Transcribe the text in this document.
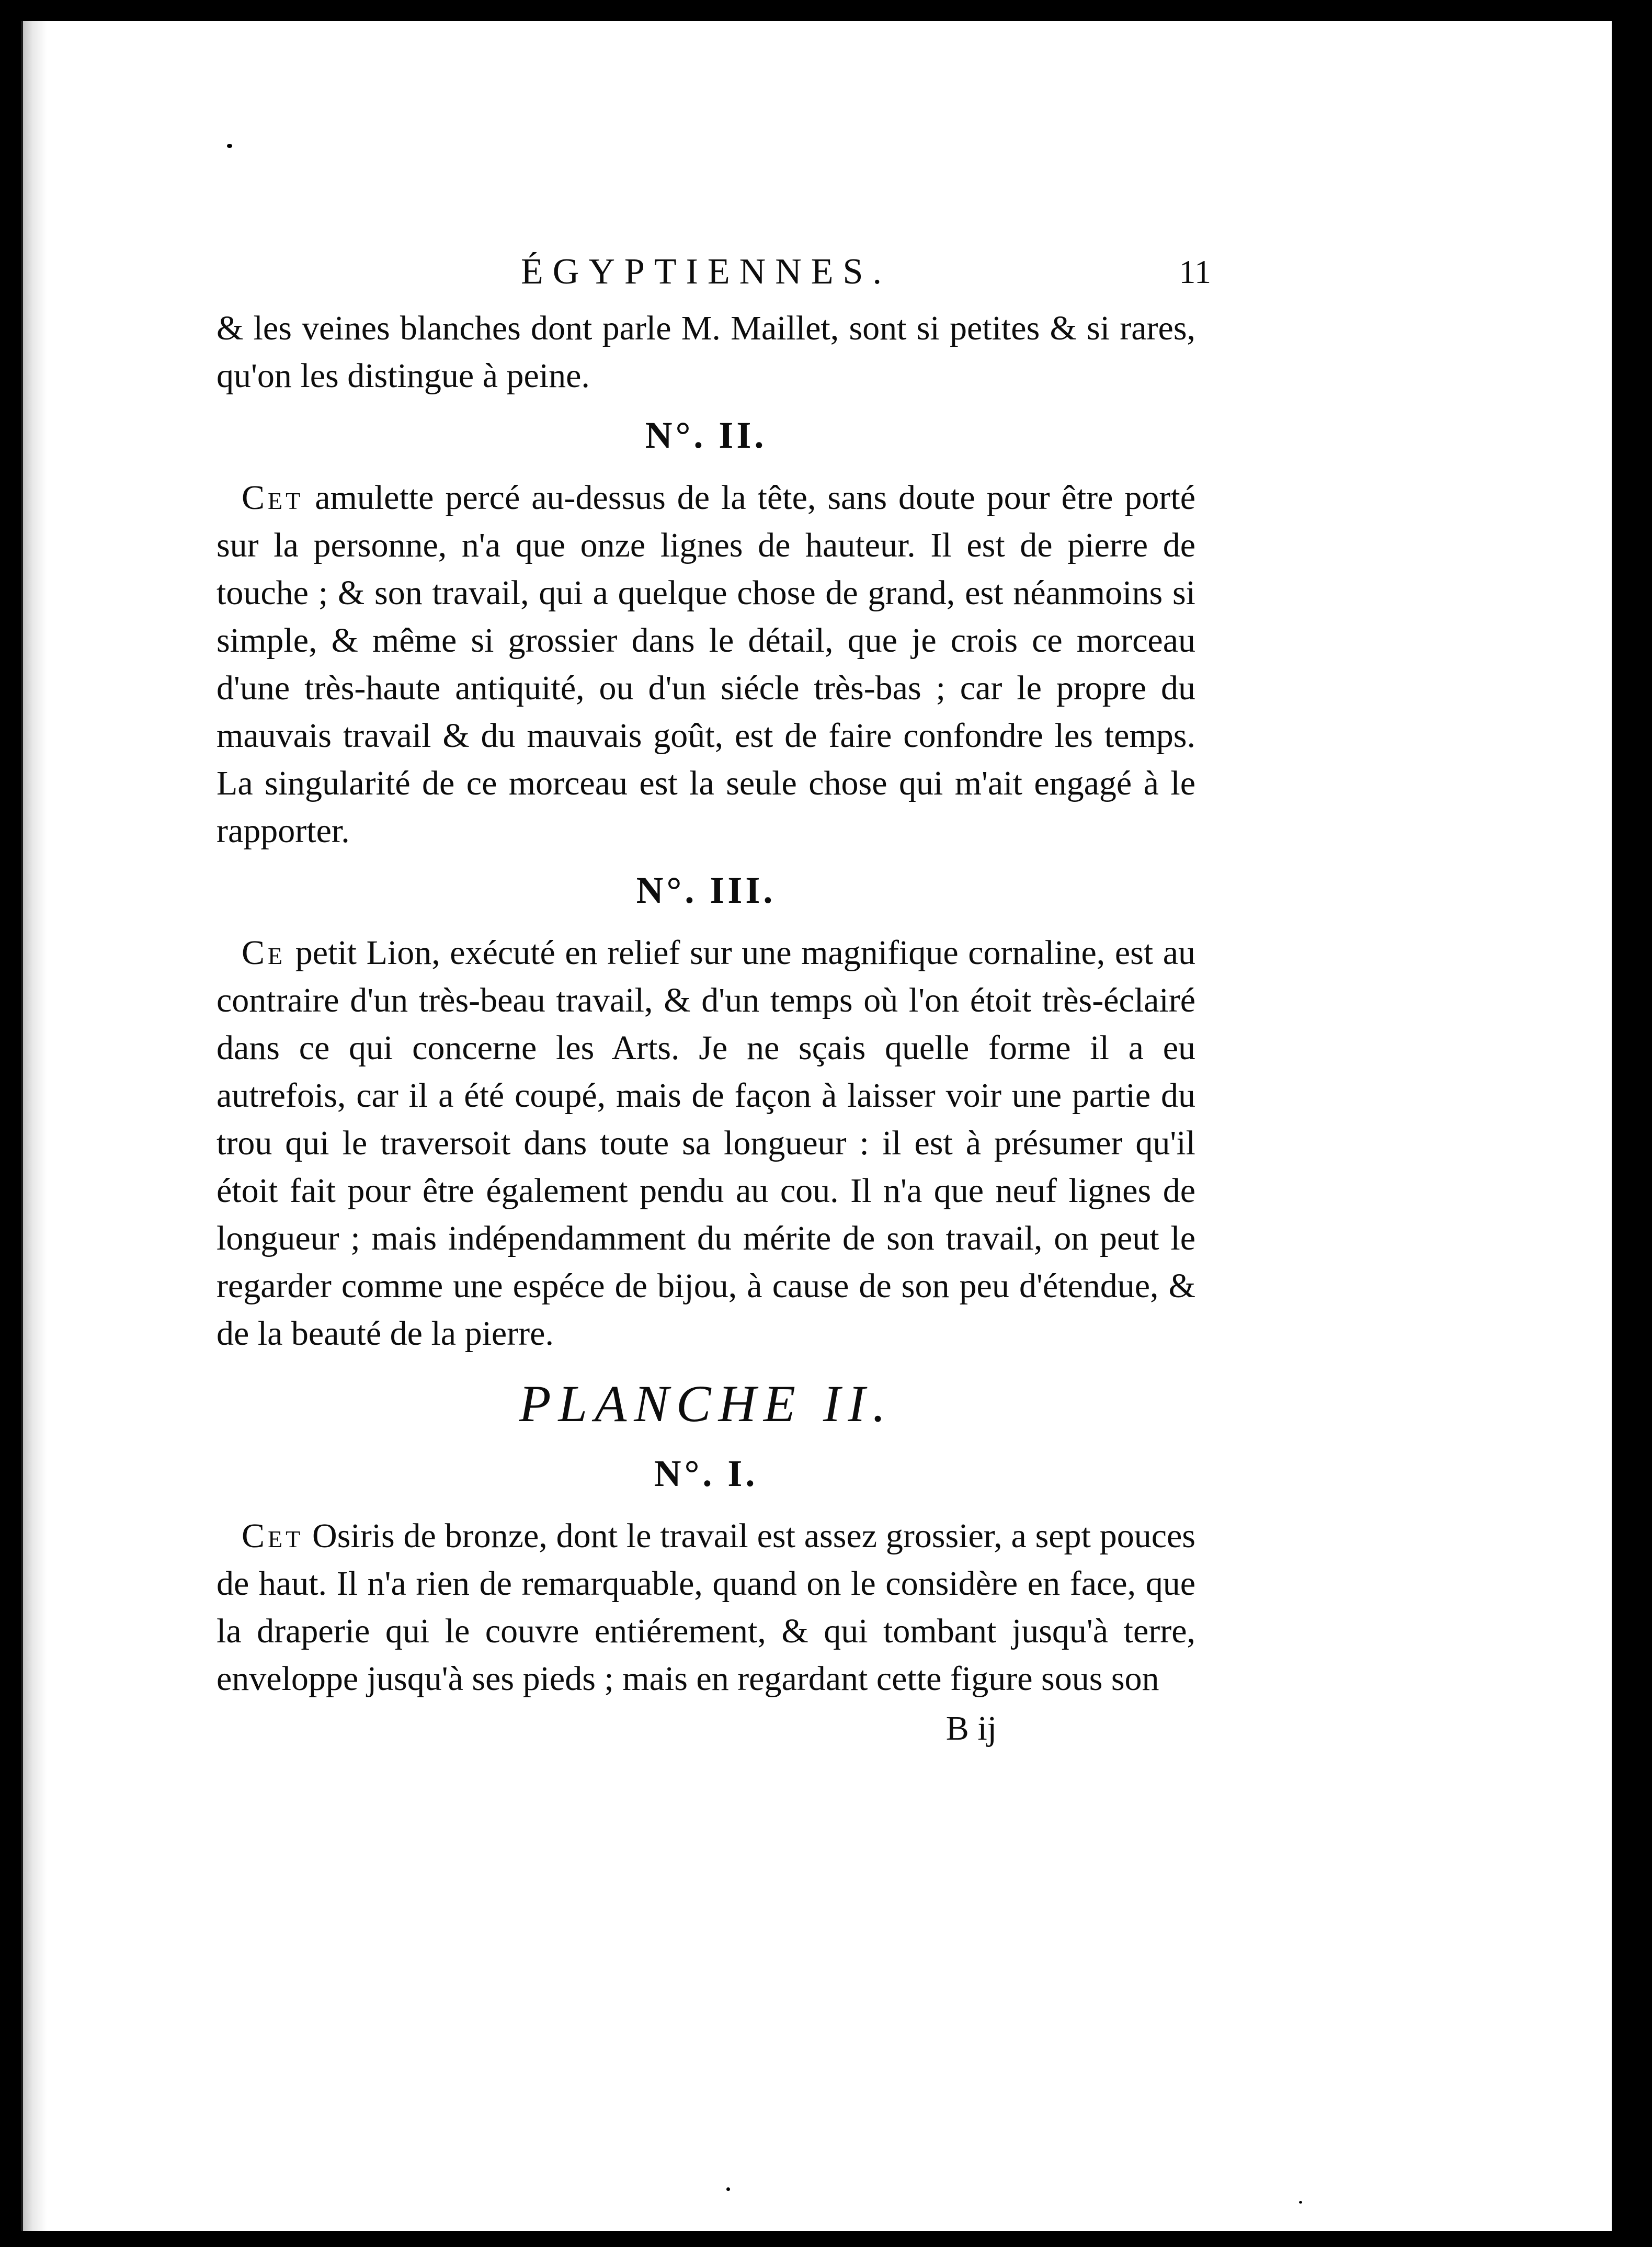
ÉGYPTIENNES.	11

& les veines blanches dont parle M. Maillet, sont si petites & si rares, qu'on les distingue à peine.

N°. II.

Cet amulette percé au-dessus de la tête, sans doute pour être porté sur la personne, n'a que onze lignes de hauteur. Il est de pierre de touche ; & son travail, qui a quelque chose de grand, est néanmoins si simple, & même si grossier dans le détail, que je crois ce morceau d'une très-haute antiquité, ou d'un siécle très-bas ; car le propre du mauvais travail & du mauvais goût, est de faire confondre les temps. La singularité de ce morceau est la seule chose qui m'ait engagé à le rapporter.

N°. III.

Ce petit Lion, exécuté en relief sur une magnifique cornaline, est au contraire d'un très-beau travail, & d'un temps où l'on étoit très-éclairé dans ce qui concerne les Arts. Je ne sçais quelle forme il a eu autrefois, car il a été coupé, mais de façon à laisser voir une partie du trou qui le traversoit dans toute sa longueur : il est à présumer qu'il étoit fait pour être également pendu au cou. Il n'a que neuf lignes de longueur ; mais indépendamment du mérite de son travail, on peut le regarder comme une espéce de bijou, à cause de son peu d'étendue, & de la beauté de la pierre.

PLANCHE II.
N°. I.

Cet Osiris de bronze, dont le travail est assez grossier, a sept pouces de haut. Il n'a rien de remarquable, quand on le considère en face, que la draperie qui le couvre entiérement, & qui tombant jusqu'à terre, enveloppe jusqu'à ses pieds ; mais en regardant cette figure sous son

B ij
